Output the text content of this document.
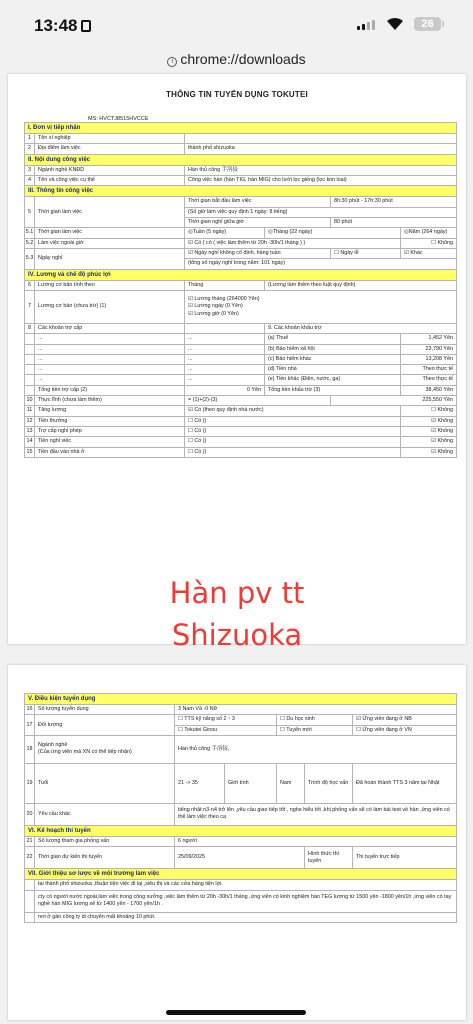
13:48	26
i chrome://downloads
THÔNG TIN TUYỂN DỤNG TOKUTEI
MS: HVCTJ8515HVCCE
I. Đơn vị tiếp nhận					
1	Tên xí nghiệp				
2	Địa điểm làm việc	thành phố shizuoka			
II. Nội dung công việc					
3	Ngành nghề KNĐD	Hàn thủ công 手溶接			
4	Tên và công việc cụ thể	Công việc hàn (hàn TIG, hàn MIG) cho lưới lọc giếng (lọc kim loại)			
III. Thông tin công việc					
5	Thời gian làm việc	Thời gian bắt đầu làm việc		8h:30 phút - 17h:30 phút	
		(Số giờ làm việc quy định 1 ngày: 8 tiếng)			
		Thời gian nghỉ giữa giờ		80 phút	
5.1	Thời gian làm việc	◎Tuần (5 ngày)	◎Tháng (22 ngày)		◎Năm (264 ngày)
5.2	Làm việc ngoài giờ	☑ Có ( có ( việc làm thêm từ 20h -30h/1 tháng ) )			☐ Không
5.3	Ngày nghỉ	☑ Ngày nghỉ không cố định, hàng tuần		☐ Ngày lễ	☑ Khác
		(tổng số ngày nghỉ trong năm: 101 ngày)			
IV. Lương và chế độ phúc lợi					
6	Lương cơ bản tính theo	Tháng	(Lương làm thêm theo luật quy định)		
7	Lương cơ bản (chưa trừ) (1)	☑ Lương tháng (264000 Yên)
☑ Lương ngày (0 Yên)
☑ Lương giờ (0 Yên)			

8	Các khoản trợ cấp		9. Các khoản khấu trừ		
	...	...	(a) Thuế		1,452 Yên
	...	...	(b) Bảo hiểm xã hội		23,790 Yên
	...	...	(c) Bảo hiểm khác		13,208 Yên
	...	...	(d) Tiền nhà		Theo thực tế
	...	...	(e) Tiền khác (Điện, nước, ga)		Theo thực tế
	Tổng tiền trợ cấp (2)	0 Yên	Tổng tiền khấu trừ (3)		38,450 Yên
10	Thực lĩnh (chưa làm thêm)	= (1)+(2)-(3)		225,550 Yên	
11	Tăng lương	☑ Có (theo quy định nhà nước)			☐ Không
12	Tiền thưởng	☐ Có ()			☑ Không
13	Trợ cấp nghỉ phép	☐ Có ()			☑ Không
14	Tiền nghỉ việc	☐ Có ()			☑ Không
15	Tiền đầu vào nhà ở	☐ Có ()			☑ Không
Hàn pv tt
Shizuoka
V. Điều kiện tuyển dụng						
16	Số lượng tuyển dụng	3 Nam Và -0 Nữ				
17	Đối tượng	☐ TTS kỹ năng số 2・3		☐ Du học sinh		☑ Ứng viên đang ở NB
		☐ Tokutei Ginou		☐ Tuyển mới		☐ Ứng viên đang ở VN
18	Ngành nghề
(Của ứng viên mà XN có thể tiếp nhận)	Hàn thủ công 手溶接,				
19	Tuổi	21 -> 35	Giới tính	Nam	Trình độ học vấn	Đã hoàn thành TTS 3 năm tại Nhật
20	Yêu cầu khác	tiếng nhật n3-n4 trở lên ,yêu cầu giao tiếp tốt , nghe hiểu tốt ,khi phỏng vấn sẽ có làm bài test về hàn ,ứng viên có thể làm việc theo ca				
VI. Kế hoạch thi tuyển						
21	Số lượng tham gia phỏng vấn	6 người				
22	Thời gian dự kiến thi tuyển	25/09/2025			Hình thức thi tuyển	Thi tuyển trực tiếp
VII. Giới thiệu sơ lược về môi trường làm việc						
	tại thành phố shizuoka ,thuận tiện việc đi lại ,siêu thị và các cửa hàng tiện lợi.					
	cty có người nước ngoài,làm việc trong công xưởng ,việc làm thêm từ 20h -30h/1 tháng ,ứng viên có kinh nghiệm hàn TEG lương từ 1500 yên -1800 yên/1h ,ứng viên có tay nghề hàn MIG lương sẽ từ 1400 yên - 1700 yên/1h .					
	nơi ở gần công ty di chuyển mất khoảng 10 phút.					
